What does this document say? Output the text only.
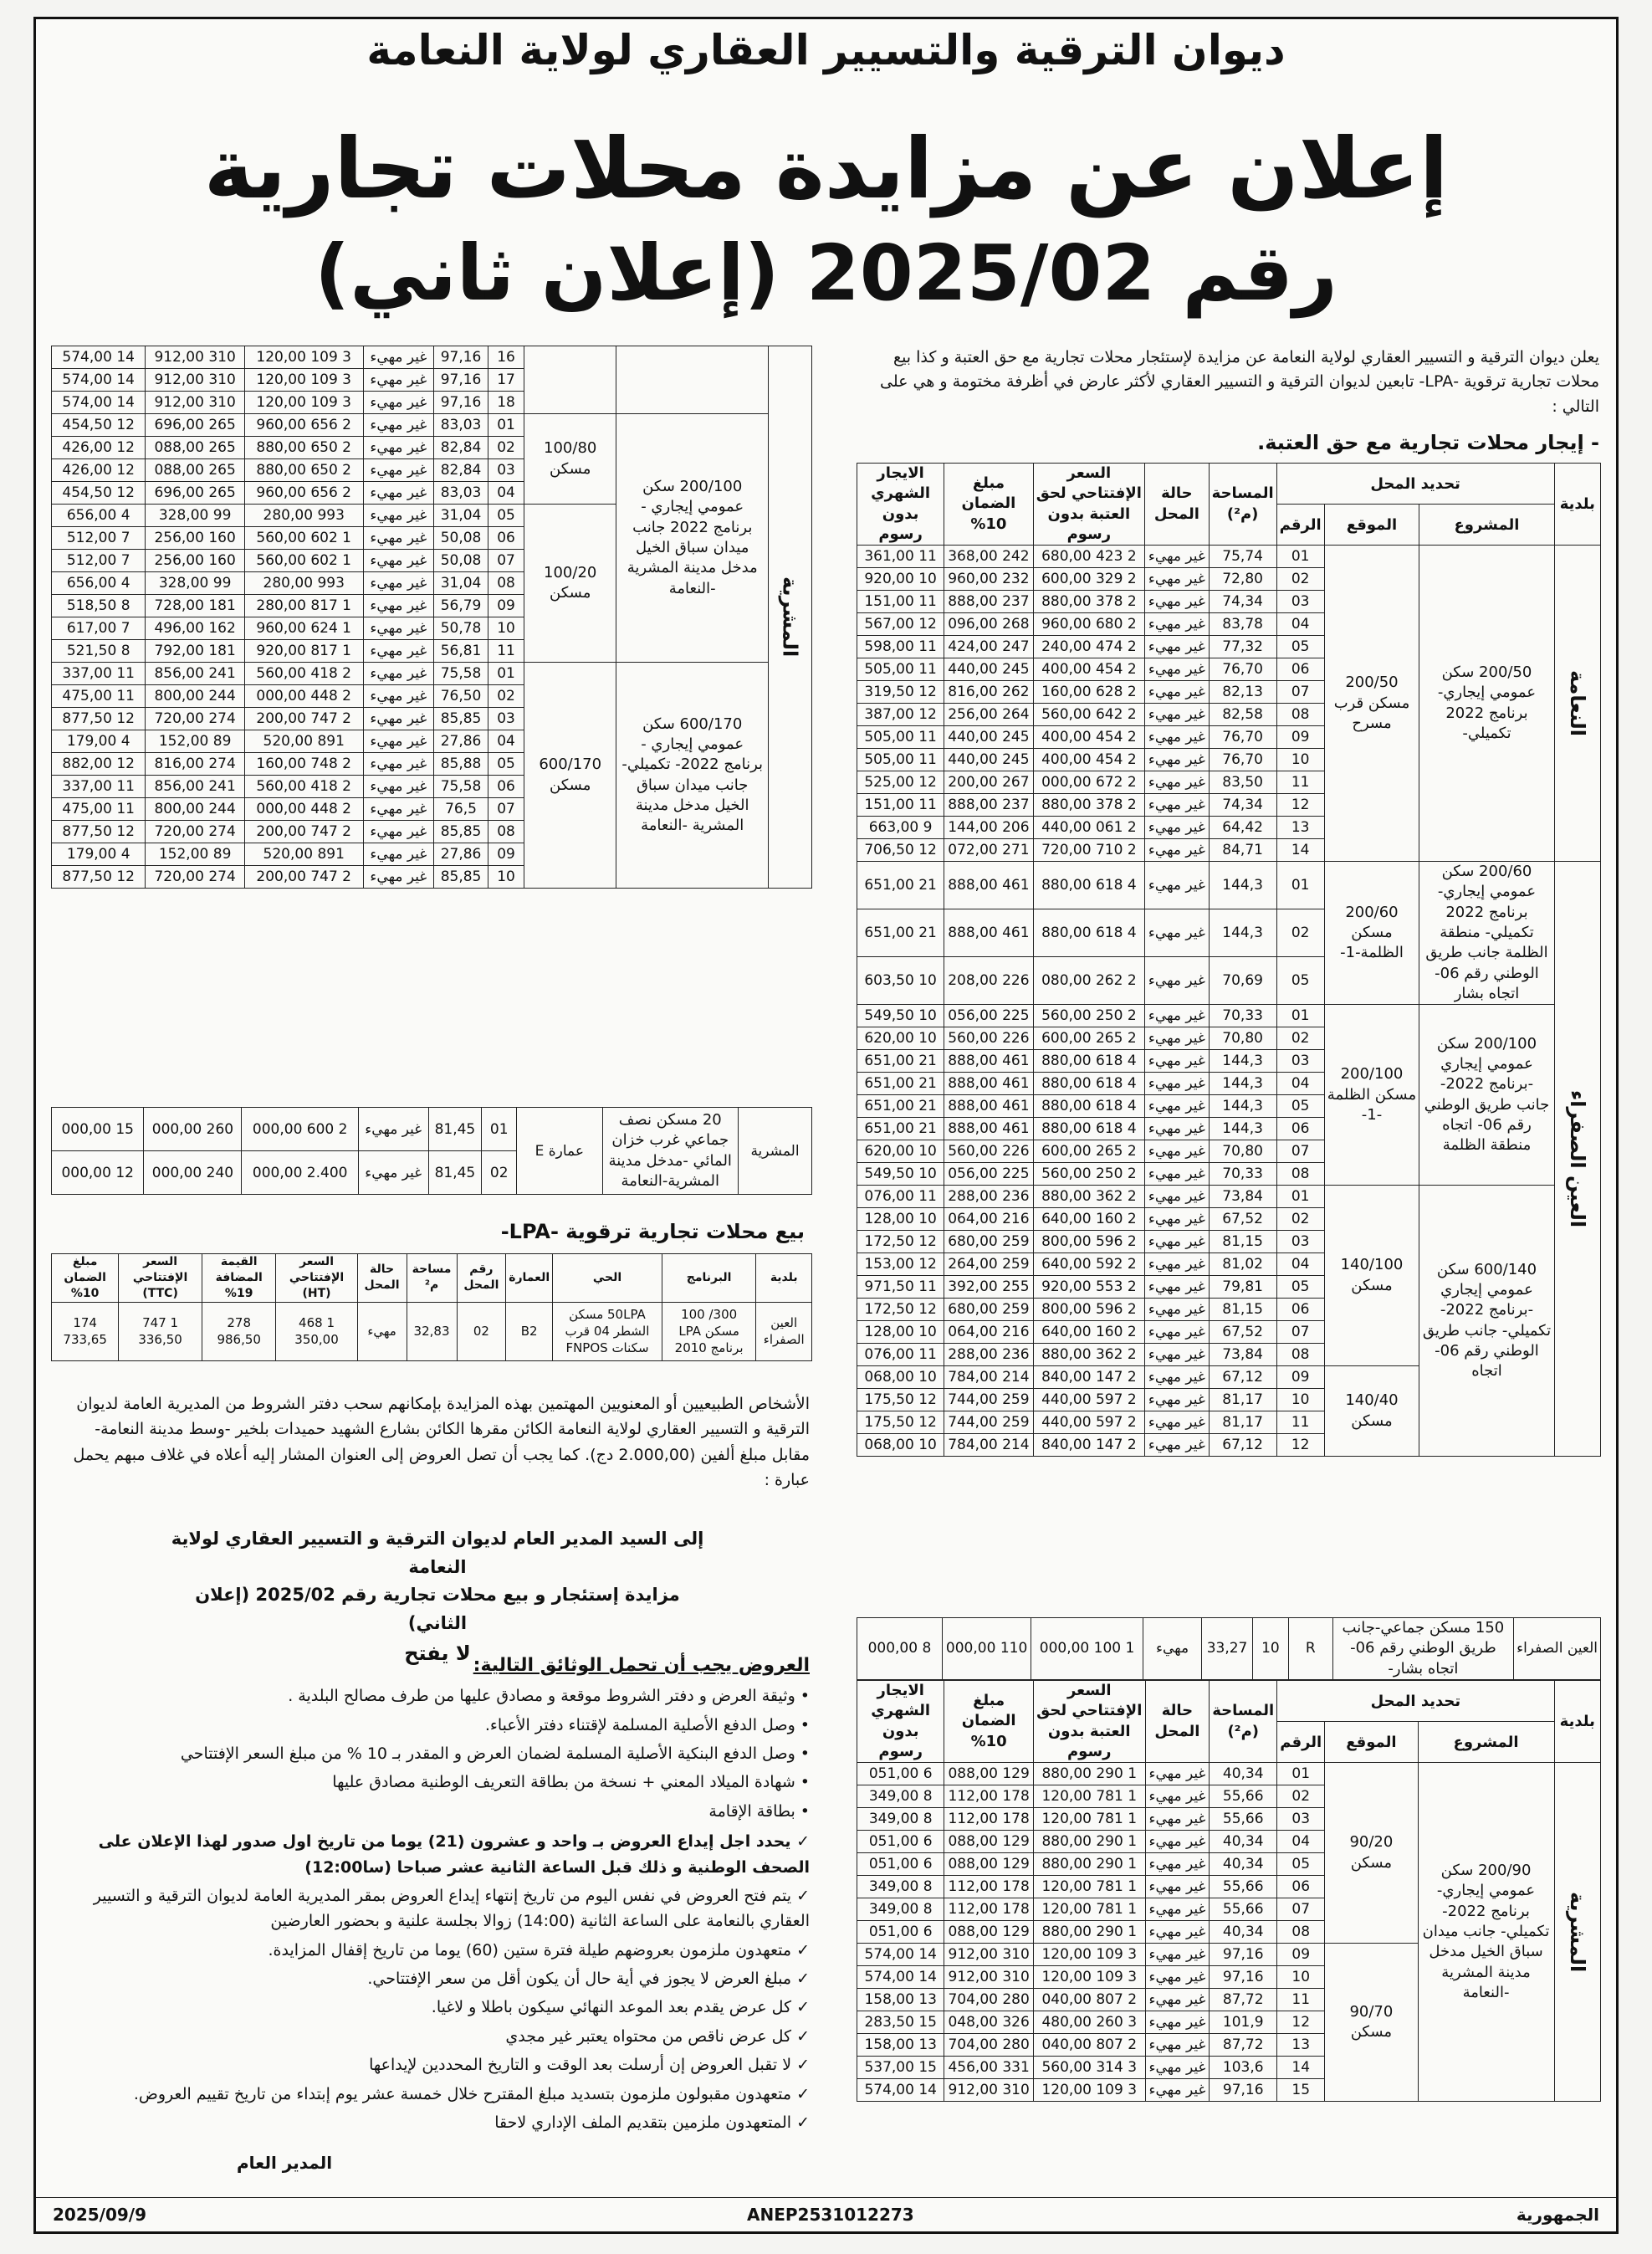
ديوان الترقية والتسيير العقاري لولاية النعامة
إعلان عن مزايدة محلات تجارية
رقم 2025/02 (إعلان ثاني)
يعلن ديوان الترقية و التسيير العقاري لولاية النعامة عن مزايدة لإستئجار محلات تجارية مع حق العتبة و كذا بيع محلات تجارية ترقوية -LPA- تابعين لديوان الترقية و التسيير العقاري لأكثر عارض في أظرفة مختومة و هي على التالي :
- إيجار محلات تجارية مع حق العتبة.
بلدية	تحديد المحل			المساحة (م²)	حالة المحل	السعر الإفتتاحي لحق العتبة بدون رسوم	مبلغ الضمان 10%	الايجار الشهري بدون رسوم
	المشروع	الموقع	الرقم					
النعامة	200/50 سكن عمومي إيجاري- برنامج 2022 تكميلي-	200/50 مسكن قرب مسرح	01	75,74	غير مهيء	2 423 680,00	242 368,00	11 361,00
			02	72,80	غير مهيء	2 329 600,00	232 960,00	10 920,00
			03	74,34	غير مهيء	2 378 880,00	237 888,00	11 151,00
			04	83,78	غير مهيء	2 680 960,00	268 096,00	12 567,00
			05	77,32	غير مهيء	2 474 240,00	247 424,00	11 598,00
			06	76,70	غير مهيء	2 454 400,00	245 440,00	11 505,00
			07	82,13	غير مهيء	2 628 160,00	262 816,00	12 319,50
			08	82,58	غير مهيء	2 642 560,00	264 256,00	12 387,00
			09	76,70	غير مهيء	2 454 400,00	245 440,00	11 505,00
			10	76,70	غير مهيء	2 454 400,00	245 440,00	11 505,00
			11	83,50	غير مهيء	2 672 000,00	267 200,00	12 525,00
			12	74,34	غير مهيء	2 378 880,00	237 888,00	11 151,00
			13	64,42	غير مهيء	2 061 440,00	206 144,00	9 663,00
			14	84,71	غير مهيء	2 710 720,00	271 072,00	12 706,50
العين الصفراء	200/60 سكن عمومي إيجاري- برنامج 2022 تكميلي- منطقة الظلمة جانب طريق الوطني رقم 06- اتجاه بشار	200/60 مسكن الظلمة-1-	01	144,3	غير مهيء	4 618 880,00	461 888,00	21 651,00
			02	144,3	غير مهيء	4 618 880,00	461 888,00	21 651,00
			05	70,69	غير مهيء	2 262 080,00	226 208,00	10 603,50
	200/100 سكن عمومي إيجاري -برنامج 2022- جانب طريق الوطني رقم 06- اتجاه منطقة الظلمة	200/100 مسكن الظلمة -1-	01	70,33	غير مهيء	2 250 560,00	225 056,00	10 549,50
			02	70,80	غير مهيء	2 265 600,00	226 560,00	10 620,00
			03	144,3	غير مهيء	4 618 880,00	461 888,00	21 651,00
			04	144,3	غير مهيء	4 618 880,00	461 888,00	21 651,00
			05	144,3	غير مهيء	4 618 880,00	461 888,00	21 651,00
			06	144,3	غير مهيء	4 618 880,00	461 888,00	21 651,00
			07	70,80	غير مهيء	2 265 600,00	226 560,00	10 620,00
			08	70,33	غير مهيء	2 250 560,00	225 056,00	10 549,50
	600/140 سكن عمومي إيجاري -برنامج 2022- تكميلي- جانب طريق الوطني رقم 06- اتجاه	140/100 مسكن	01	73,84	غير مهيء	2 362 880,00	236 288,00	11 076,00
			02	67,52	غير مهيء	2 160 640,00	216 064,00	10 128,00
			03	81,15	غير مهيء	2 596 800,00	259 680,00	12 172,50
			04	81,02	غير مهيء	2 592 640,00	259 264,00	12 153,00
			05	79,81	غير مهيء	2 553 920,00	255 392,00	11 971,50
			06	81,15	غير مهيء	2 596 800,00	259 680,00	12 172,50
			07	67,52	غير مهيء	2 160 640,00	216 064,00	10 128,00
			08	73,84	غير مهيء	2 362 880,00	236 288,00	11 076,00
		140/40 مسكن	09	67,12	غير مهيء	2 147 840,00	214 784,00	10 068,00
			10	81,17	غير مهيء	2 597 440,00	259 744,00	12 175,50
			11	81,17	غير مهيء	2 597 440,00	259 744,00	12 175,50
			12	67,12	غير مهيء	2 147 840,00	214 784,00	10 068,00
العين الصفراء	150 مسكن جماعي-جانب طريق الوطني رقم 06- اتجاه بشار-	R	10	33,27	مهيء	1 100 000,00	110 000,00	8 000,00
بلدية	تحديد المحل			المساحة (م²)	حالة المحل	السعر الإفتتاحي لحق العتبة بدون رسوم	مبلغ الضمان 10%	الايجار الشهري بدون رسوم
	المشروع	الموقع	الرقم					
المشرية	200/90 سكن عمومي إيجاري- برنامج 2022- تكميلي- جانب ميدان سباق الخيل مدخل مدينة المشرية -النعامة	90/20 مسكن	01	40,34	غير مهيء	1 290 880,00	129 088,00	6 051,00
			02	55,66	غير مهيء	1 781 120,00	178 112,00	8 349,00
			03	55,66	غير مهيء	1 781 120,00	178 112,00	8 349,00
			04	40,34	غير مهيء	1 290 880,00	129 088,00	6 051,00
			05	40,34	غير مهيء	1 290 880,00	129 088,00	6 051,00
			06	55,66	غير مهيء	1 781 120,00	178 112,00	8 349,00
			07	55,66	غير مهيء	1 781 120,00	178 112,00	8 349,00
			08	40,34	غير مهيء	1 290 880,00	129 088,00	6 051,00
		90/70 مسكن	09	97,16	غير مهيء	3 109 120,00	310 912,00	14 574,00
			10	97,16	غير مهيء	3 109 120,00	310 912,00	14 574,00
			11	87,72	غير مهيء	2 807 040,00	280 704,00	13 158,00
			12	101,9	غير مهيء	3 260 480,00	326 048,00	15 283,50
			13	87,72	غير مهيء	2 807 040,00	280 704,00	13 158,00
			14	103,6	غير مهيء	3 314 560,00	331 456,00	15 537,00
			15	97,16	غير مهيء	3 109 120,00	310 912,00	14 574,00
المشرية			16	97,16	غير مهيء	3 109 120,00	310 912,00	14 574,00
			17	97,16	غير مهيء	3 109 120,00	310 912,00	14 574,00
			18	97,16	غير مهيء	3 109 120,00	310 912,00	14 574,00
	200/100 سكن عمومي إيجاري - برنامج 2022 جانب ميدان سباق الخيل مدخل مدينة المشرية -النعامة	100/80 مسكن	01	83,03	غير مهيء	2 656 960,00	265 696,00	12 454,50
			02	82,84	غير مهيء	2 650 880,00	265 088,00	12 426,00
			03	82,84	غير مهيء	2 650 880,00	265 088,00	12 426,00
			04	83,03	غير مهيء	2 656 960,00	265 696,00	12 454,50
		100/20 مسكن	05	31,04	غير مهيء	993 280,00	99 328,00	4 656,00
			06	50,08	غير مهيء	1 602 560,00	160 256,00	7 512,00
			07	50,08	غير مهيء	1 602 560,00	160 256,00	7 512,00
			08	31,04	غير مهيء	993 280,00	99 328,00	4 656,00
			09	56,79	غير مهيء	1 817 280,00	181 728,00	8 518,50
			10	50,78	غير مهيء	1 624 960,00	162 496,00	7 617,00
			11	56,81	غير مهيء	1 817 920,00	181 792,00	8 521,50
	600/170 سكن عمومي إيجاري - برنامج 2022- تكميلي- جانب ميدان سباق الخيل مدخل مدينة المشرية -النعامة	600/170 مسكن	01	75,58	غير مهيء	2 418 560,00	241 856,00	11 337,00
			02	76,50	غير مهيء	2 448 000,00	244 800,00	11 475,00
			03	85,85	غير مهيء	2 747 200,00	274 720,00	12 877,50
			04	27,86	غير مهيء	891 520,00	89 152,00	4 179,00
			05	85,88	غير مهيء	2 748 160,00	274 816,00	12 882,00
			06	75,58	غير مهيء	2 418 560,00	241 856,00	11 337,00
			07	76,5	غير مهيء	2 448 000,00	244 800,00	11 475,00
			08	85,85	غير مهيء	2 747 200,00	274 720,00	12 877,50
			09	27,86	غير مهيء	891 520,00	89 152,00	4 179,00
			10	85,85	غير مهيء	2 747 200,00	274 720,00	12 877,50
المشرية	20 مسكن نصف جماعي غرب خزان المائي -مدخل مدينة المشرية-النعامة	عمارة E	01	81,45	غير مهيء	2 600 000,00	260 000,00	15 000,00
			02	81,45	غير مهيء	2.400 000,00	240 000,00	12 000,00
بيع محلات تجارية ترقوية -LPA-
بلدية	البرنامج	الحي	العمارة	رقم المحل	مساحة م²	حالة المحل	السعر الإفتتاحي (HT)	القيمة المضافة 19%	السعر الإفتتاحي (TTC)	مبلغ الضمان 10%
العين الصفراء	300/ 100 مسكن LPA برنامج 2010	50LPA مسكن الشطر 04 قرب سكنات FNPOS	B2	02	32,83	مهيء	1 468 350,00	278 986,50	1 747 336,50	174 733,65

الأشخاص الطبيعيين أو المعنويين المهتمين بهذه المزايدة بإمكانهم سحب دفتر الشروط من المديرية العامة لديوان الترقية و التسيير العقاري لولاية النعامة الكائن مقرها الكائن بشارع الشهيد حميدات بلخير -وسط مدينة النعامة- مقابل مبلغ ألفين (2.000,00 دج). كما يجب أن تصل العروض إلى العنوان المشار إليه أعلاه في غلاف مبهم يحمل عبارة :

إلى السيد المدير العام لديوان الترقية و التسيير العقاري لولاية النعامة
مزايدة إستئجار و بيع محلات تجارية رقم 2025/02 (إعلان الثاني)
لا يفتح

العروض يجب أن تحمل الوثائق التالية:

• وثيقة العرض و دفتر الشروط موقعة و مصادق عليها من طرف مصالح البلدية .

• وصل الدفع الأصلية المسلمة لإقتناء دفتر الأعباء.

• وصل الدفع البنكية الأصلية المسلمة لضمان العرض و المقدر بـ 10 % من مبلغ السعر الإفتتاحي

• شهادة الميلاد المعني + نسخة من بطاقة التعريف الوطنية مصادق عليها

• بطاقة الإقامة

✓ يحدد اجل إيداع العروض بـ واحد و عشرون (21) يوما من تاريخ اول صدور لهذا الإعلان على الصحف الوطنية و ذلك قبل الساعة الثانية عشر صباحا (سا12:00)

✓ يتم فتح العروض في نفس اليوم من تاريخ إنتهاء إيداع العروض بمقر المديرية العامة لديوان الترقية و التسيير العقاري بالنعامة على الساعة الثانية (14:00) زوالا بجلسة علنية و بحضور العارضين

✓ متعهدون ملزمون بعروضهم طيلة فترة ستين (60) يوما من تاريخ إقفال المزايدة.

✓ مبلغ العرض لا يجوز في أية حال أن يكون أقل من سعر الإفتتاحي.

✓ كل عرض يقدم بعد الموعد النهائي سيكون باطلا و لاغيا.

✓ كل عرض ناقص من محتواه يعتبر غير مجدي

✓ لا تقبل العروض إن أرسلت بعد الوقت و التاريخ المحددين لإيداعها

✓ متعهدون مقبولون ملزمون بتسديد مبلغ المقترح خلال خمسة عشر يوم إبتداء من تاريخ تقييم العروض.

✓ المتعهدون ملزمين بتقديم الملف الإداري لاحقا

المدير العام
2025/09/9	ANEP2531012273	الجمهورية
